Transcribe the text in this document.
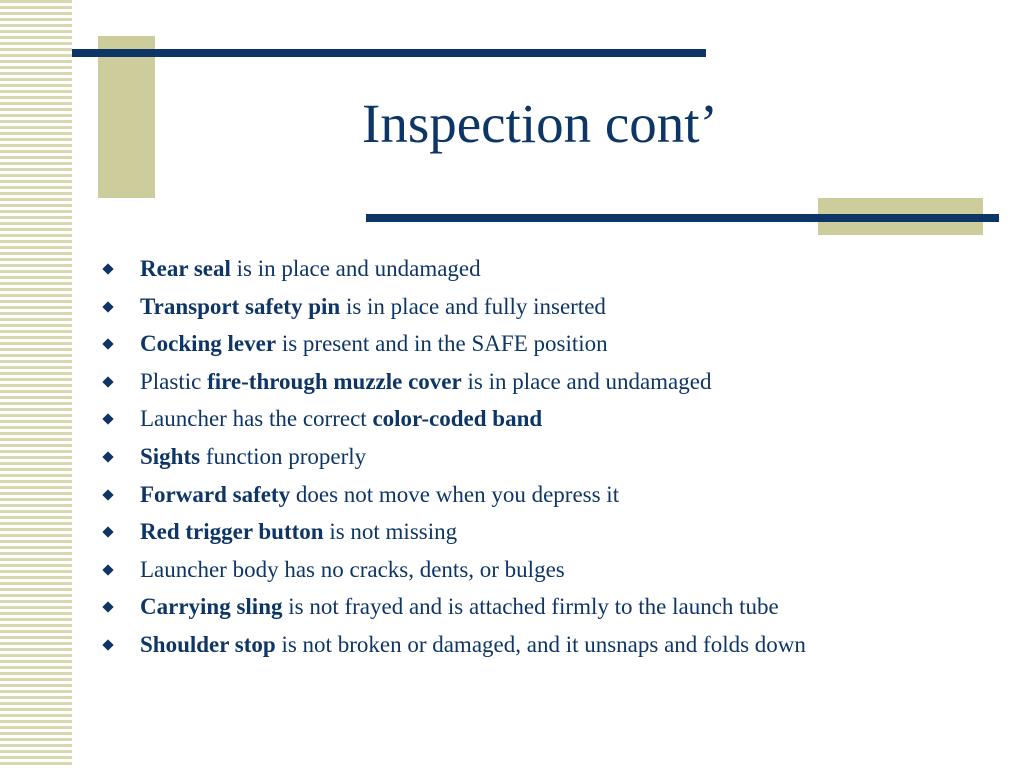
Inspection cont’
Rear seal is in place and undamaged
Transport safety pin is in place and fully inserted
Cocking lever is present and in the SAFE position
Plastic fire-through muzzle cover is in place and undamaged
Launcher has the correct color-coded band
Sights function properly
Forward safety does not move when you depress it
Red trigger button is not missing
Launcher body has no cracks, dents, or bulges
Carrying sling is not frayed and is attached firmly to the launch tube
Shoulder stop is not broken or damaged, and it unsnaps and folds down
